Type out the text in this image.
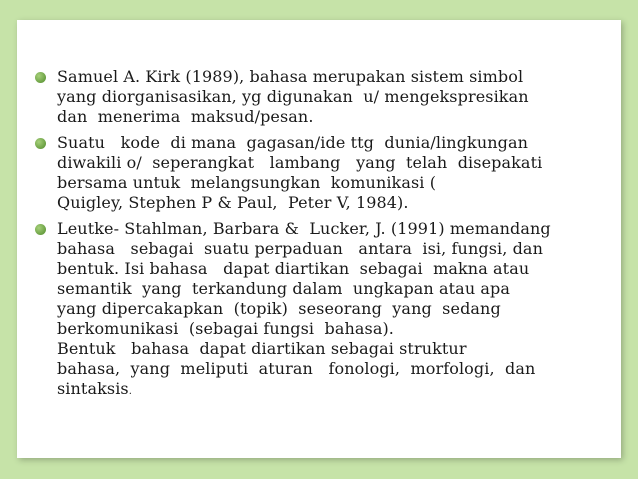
Samuel A. Kirk (1989), bahasa merupakan sistem simbol
yang diorganisasikan, yg digunakan  u/ mengekspresikan
dan  menerima  maksud/pesan.
Suatu   kode  di mana  gagasan/ide ttg  dunia/lingkungan
diwakili o/  seperangkat   lambang   yang  telah  disepakati
bersama untuk  melangsungkan  komunikasi (
Quigley, Stephen P & Paul,  Peter V, 1984).
Leutke- Stahlman, Barbara &  Lucker, J. (1991) memandang
bahasa   sebagai  suatu perpaduan   antara  isi, fungsi, dan
bentuk. Isi bahasa   dapat diartikan  sebagai  makna atau
semantik  yang  terkandung dalam  ungkapan atau apa
yang dipercakapkan  (topik)  seseorang  yang  sedang
berkomunikasi  (sebagai fungsi  bahasa).
Bentuk   bahasa  dapat diartikan sebagai struktur
bahasa,  yang  meliputi  aturan   fonologi,  morfologi,  dan
sintaksis.
